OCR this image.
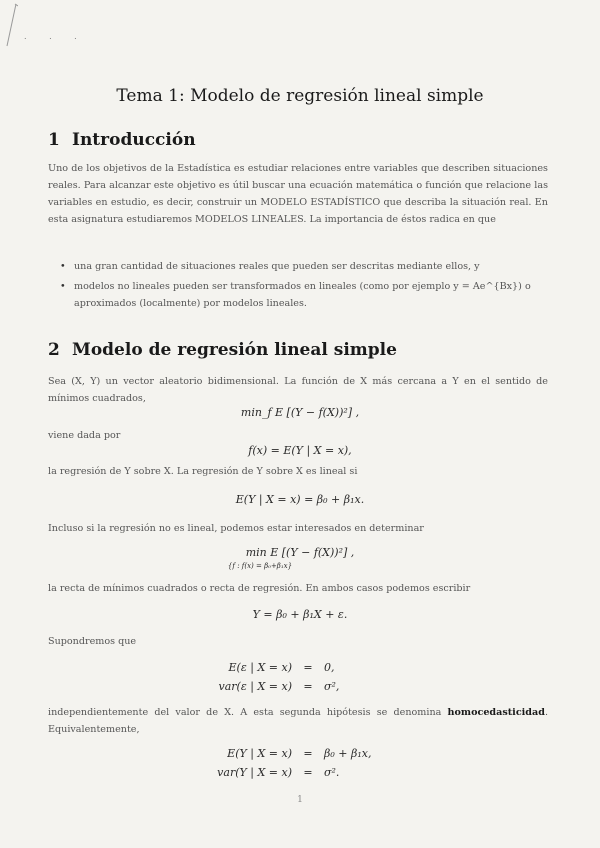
. . .
Tema 1: Modelo de regresión lineal simple
1 Introducción
Uno de los objetivos de la Estadística es estudiar relaciones entre variables que describen situaciones reales. Para alcanzar este objetivo es útil buscar una ecuación matemática o función que relacione las variables en estudio, es decir, construir un MODELO ESTADÍSTICO que describa la situación real. En esta asignatura estudiaremos MODELOS LINEALES. La importancia de éstos radica en que
• una gran cantidad de situaciones reales que pueden ser descritas mediante ellos, y
• modelos no lineales pueden ser transformados en lineales (como por ejemplo y = Ae^{Bx}) o aproximados (localmente) por modelos lineales.
2 Modelo de regresión lineal simple
Sea (X, Y) un vector aleatorio bidimensional. La función de X más cercana a Y en el sentido de mínimos cuadrados,
min_f E [(Y − f(X))²] ,
viene dada por
f(x) = E(Y | X = x),
la regresión de Y sobre X. La regresión de Y sobre X es lineal si
E(Y | X = x) = β₀ + β₁x.
Incluso si la regresión no es lineal, podemos estar interesados en determinar
min E [(Y − f(X))²] ,
{f : f(x) = β₀+β₁x}
la recta de mínimos cuadrados o recta de regresión. En ambos casos podemos escribir
Y = β₀ + β₁X + ε.
Supondremos que
E(ε | X = x) = 0,
var(ε | X = x) = σ²,
independientemente del valor de X. A esta segunda hipótesis se denomina homocedasticidad. Equivalentemente,
E(Y | X = x) = β₀ + β₁x,
var(Y | X = x) = σ².
1
